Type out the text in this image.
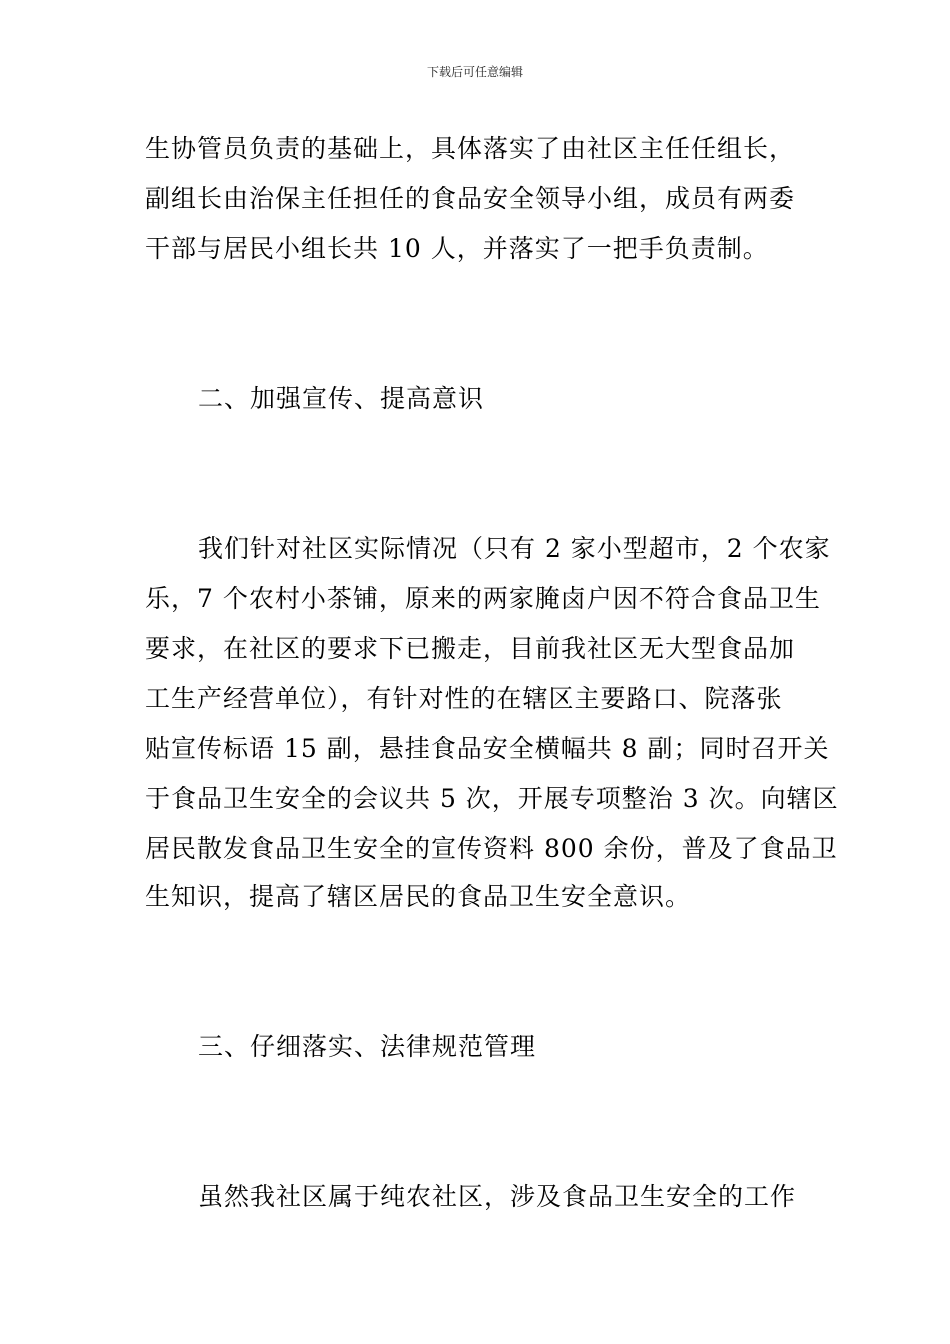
下载后可任意编辑
生协管员负责的基础上，具体落实了由社区主任任组长，
副组长由治保主任担任的食品安全领导小组，成员有两委
干部与居民小组长共 10 人，并落实了一把手负责制。
二、加强宣传、提高意识
我们针对社区实际情况（只有 2 家小型超市，2 个农家
乐，7 个农村小茶铺，原来的两家腌卤户因不符合食品卫生
要求，在社区的要求下已搬走，目前我社区无大型食品加
工生产经营单位），有针对性的在辖区主要路口、院落张
贴宣传标语 15 副，悬挂食品安全横幅共 8 副；同时召开关
于食品卫生安全的会议共 5 次，开展专项整治 3 次。向辖区
居民散发食品卫生安全的宣传资料 800 余份，普及了食品卫
生知识，提高了辖区居民的食品卫生安全意识。
三、仔细落实、法律规范管理
虽然我社区属于纯农社区，涉及食品卫生安全的工作
